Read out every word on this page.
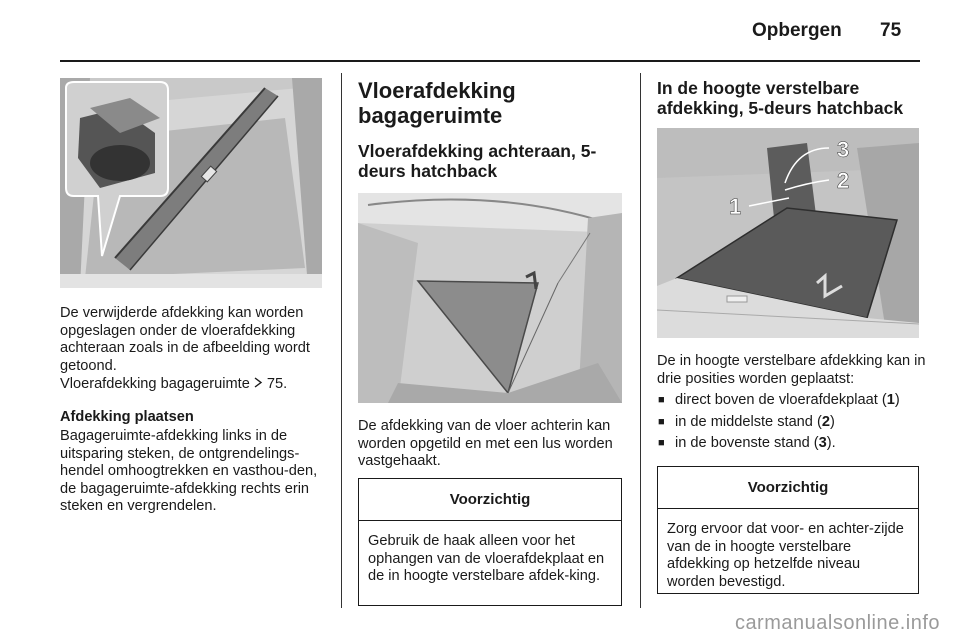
Opbergen 75
De verwijderde afdekking kan worden opgeslagen onder de vloerafdekking achteraan zoals in de afbeelding wordt getoond.
Vloerafdekking bagageruimte 75.
Afdekking plaatsen
Bagageruimte-afdekking links in de uitsparing steken, de ontgrendelings-hendel omhoogtrekken en vasthou-den, de bagageruimte-afdekking rechts erin steken en vergrendelen.
Vloerafdekking
bagageruimte
Vloerafdekking achteraan, 5-
deurs hatchback
De afdekking van de vloer achterin kan worden opgetild en met een lus worden vastgehaakt.
Voorzichtig
Gebruik de haak alleen voor het ophangen van de vloerafdekplaat en de in hoogte verstelbare afdek-king.
In de hoogte verstelbare
afdekking, 5-deurs hatchback
3
2
1
De in hoogte verstelbare afdekking kan in drie posities worden geplaatst:
■ direct boven de vloerafdekplaat (1)
■ in de middelste stand (2)
■ in de bovenste stand (3).
Voorzichtig
Zorg ervoor dat voor- en achter-zijde van de in hoogte verstelbare afdekking op hetzelfde niveau worden bevestigd.
carmanualsonline.info
